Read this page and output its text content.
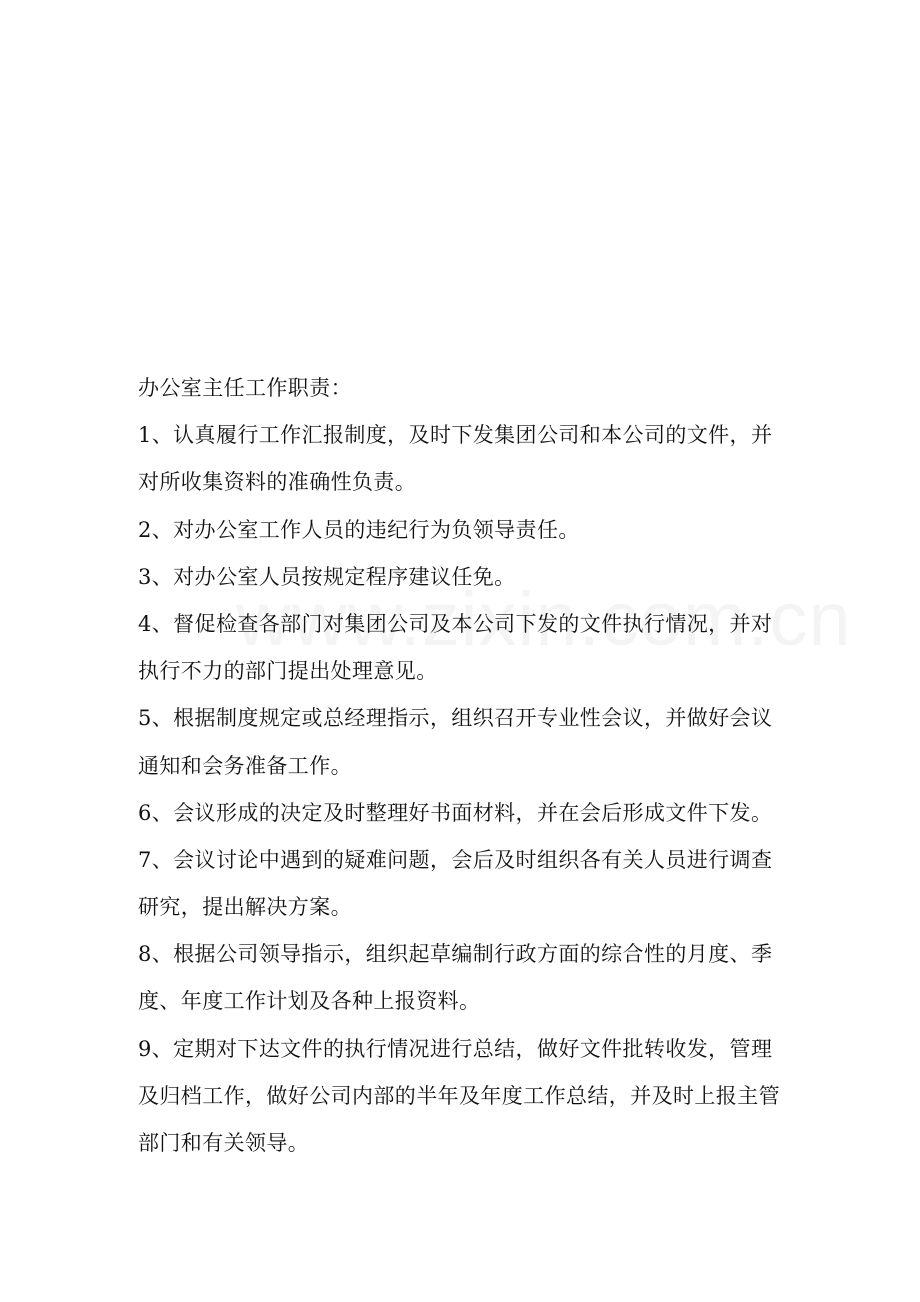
办公室主任工作职责：
1、认真履行工作汇报制度，及时下发集团公司和本公司的文件，并
对所收集资料的准确性负责。
2、对办公室工作人员的违纪行为负领导责任。
3、对办公室人员按规定程序建议任免。
4、督促检查各部门对集团公司及本公司下发的文件执行情况，并对
执行不力的部门提出处理意见。
5、根据制度规定或总经理指示，组织召开专业性会议，并做好会议
通知和会务准备工作。
6、会议形成的决定及时整理好书面材料，并在会后形成文件下发。
7、会议讨论中遇到的疑难问题，会后及时组织各有关人员进行调查
研究，提出解决方案。
8、根据公司领导指示，组织起草编制行政方面的综合性的月度、季
度、年度工作计划及各种上报资料。
9、定期对下达文件的执行情况进行总结，做好文件批转收发，管理
及归档工作，做好公司内部的半年及年度工作总结，并及时上报主管
部门和有关领导。
